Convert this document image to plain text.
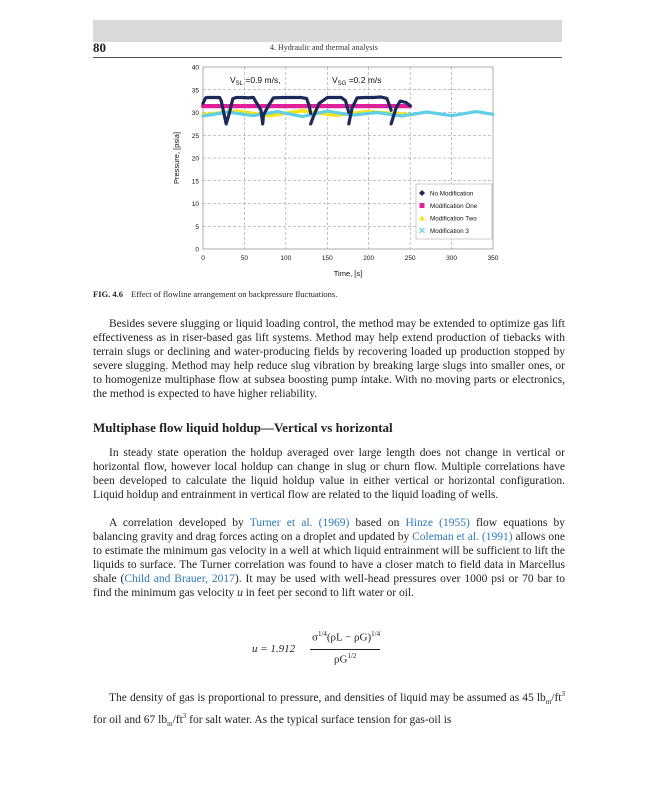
80	4. Hydraulic and thermal analysis
0
5
10
15
20
25
30
35
40
0	50	100	150	200	250	300	350
$V_{SL} =0.9$ m/s,	$V_{SG} =0.2$ m/s
No Modification
Modification One
Modification Two
Modification 3
Time, [s]
Pressure, [psia]
FIG. 4.6 Effect of flowline arrangement on backpressure fluctuations.

Besides severe slugging or liquid loading control, the method may be extended to optimize gas lift effectiveness as in riser-based gas lift systems. Method may help extend production of tiebacks with terrain slugs or declining and water-producing fields by recovering loaded up production stopped by severe slugging. Method may help reduce slug vibration by breaking large slugs into smaller ones, or to homogenize multiphase flow at subsea boosting pump intake. With no moving parts or electronics, the method is expected to have higher reliability.

Multiphase flow liquid holdup—Vertical vs horizontal

In steady state operation the holdup averaged over large length does not change in vertical or horizontal flow, however local holdup can change in slug or churn flow. Multiple correlations have been developed to calculate the liquid holdup value in either vertical or horizontal configuration. Liquid holdup and entrainment in vertical flow are related to the liquid loading of wells.

A correlation developed by Turner et al. (1969) based on Hinze (1955) flow equations by balancing gravity and drag forces acting on a droplet and updated by Coleman et al. (1991) allows one to estimate the minimum gas velocity in a well at which liquid entrainment will be sufficient to lift the liquids to surface. The Turner correlation was found to have a closer match to field data in Marcellus shale (Child and Brauer, 2017). It may be used with well-head pressures over 1000 psi or 70 bar to find the minimum gas velocity u in feet per second to lift water or oil.

u = 1.912
$\sigma^{1/4}(\rho L - \rho G)^{1/4}$
$\rho G^{1/2}$

The density of gas is proportional to pressure, and densities of liquid may be assumed as 45 $lb_m/ft^3$ for oil and 67 $lb_m/ft^3$ for salt water. As the typical surface tension for gas-oil is
